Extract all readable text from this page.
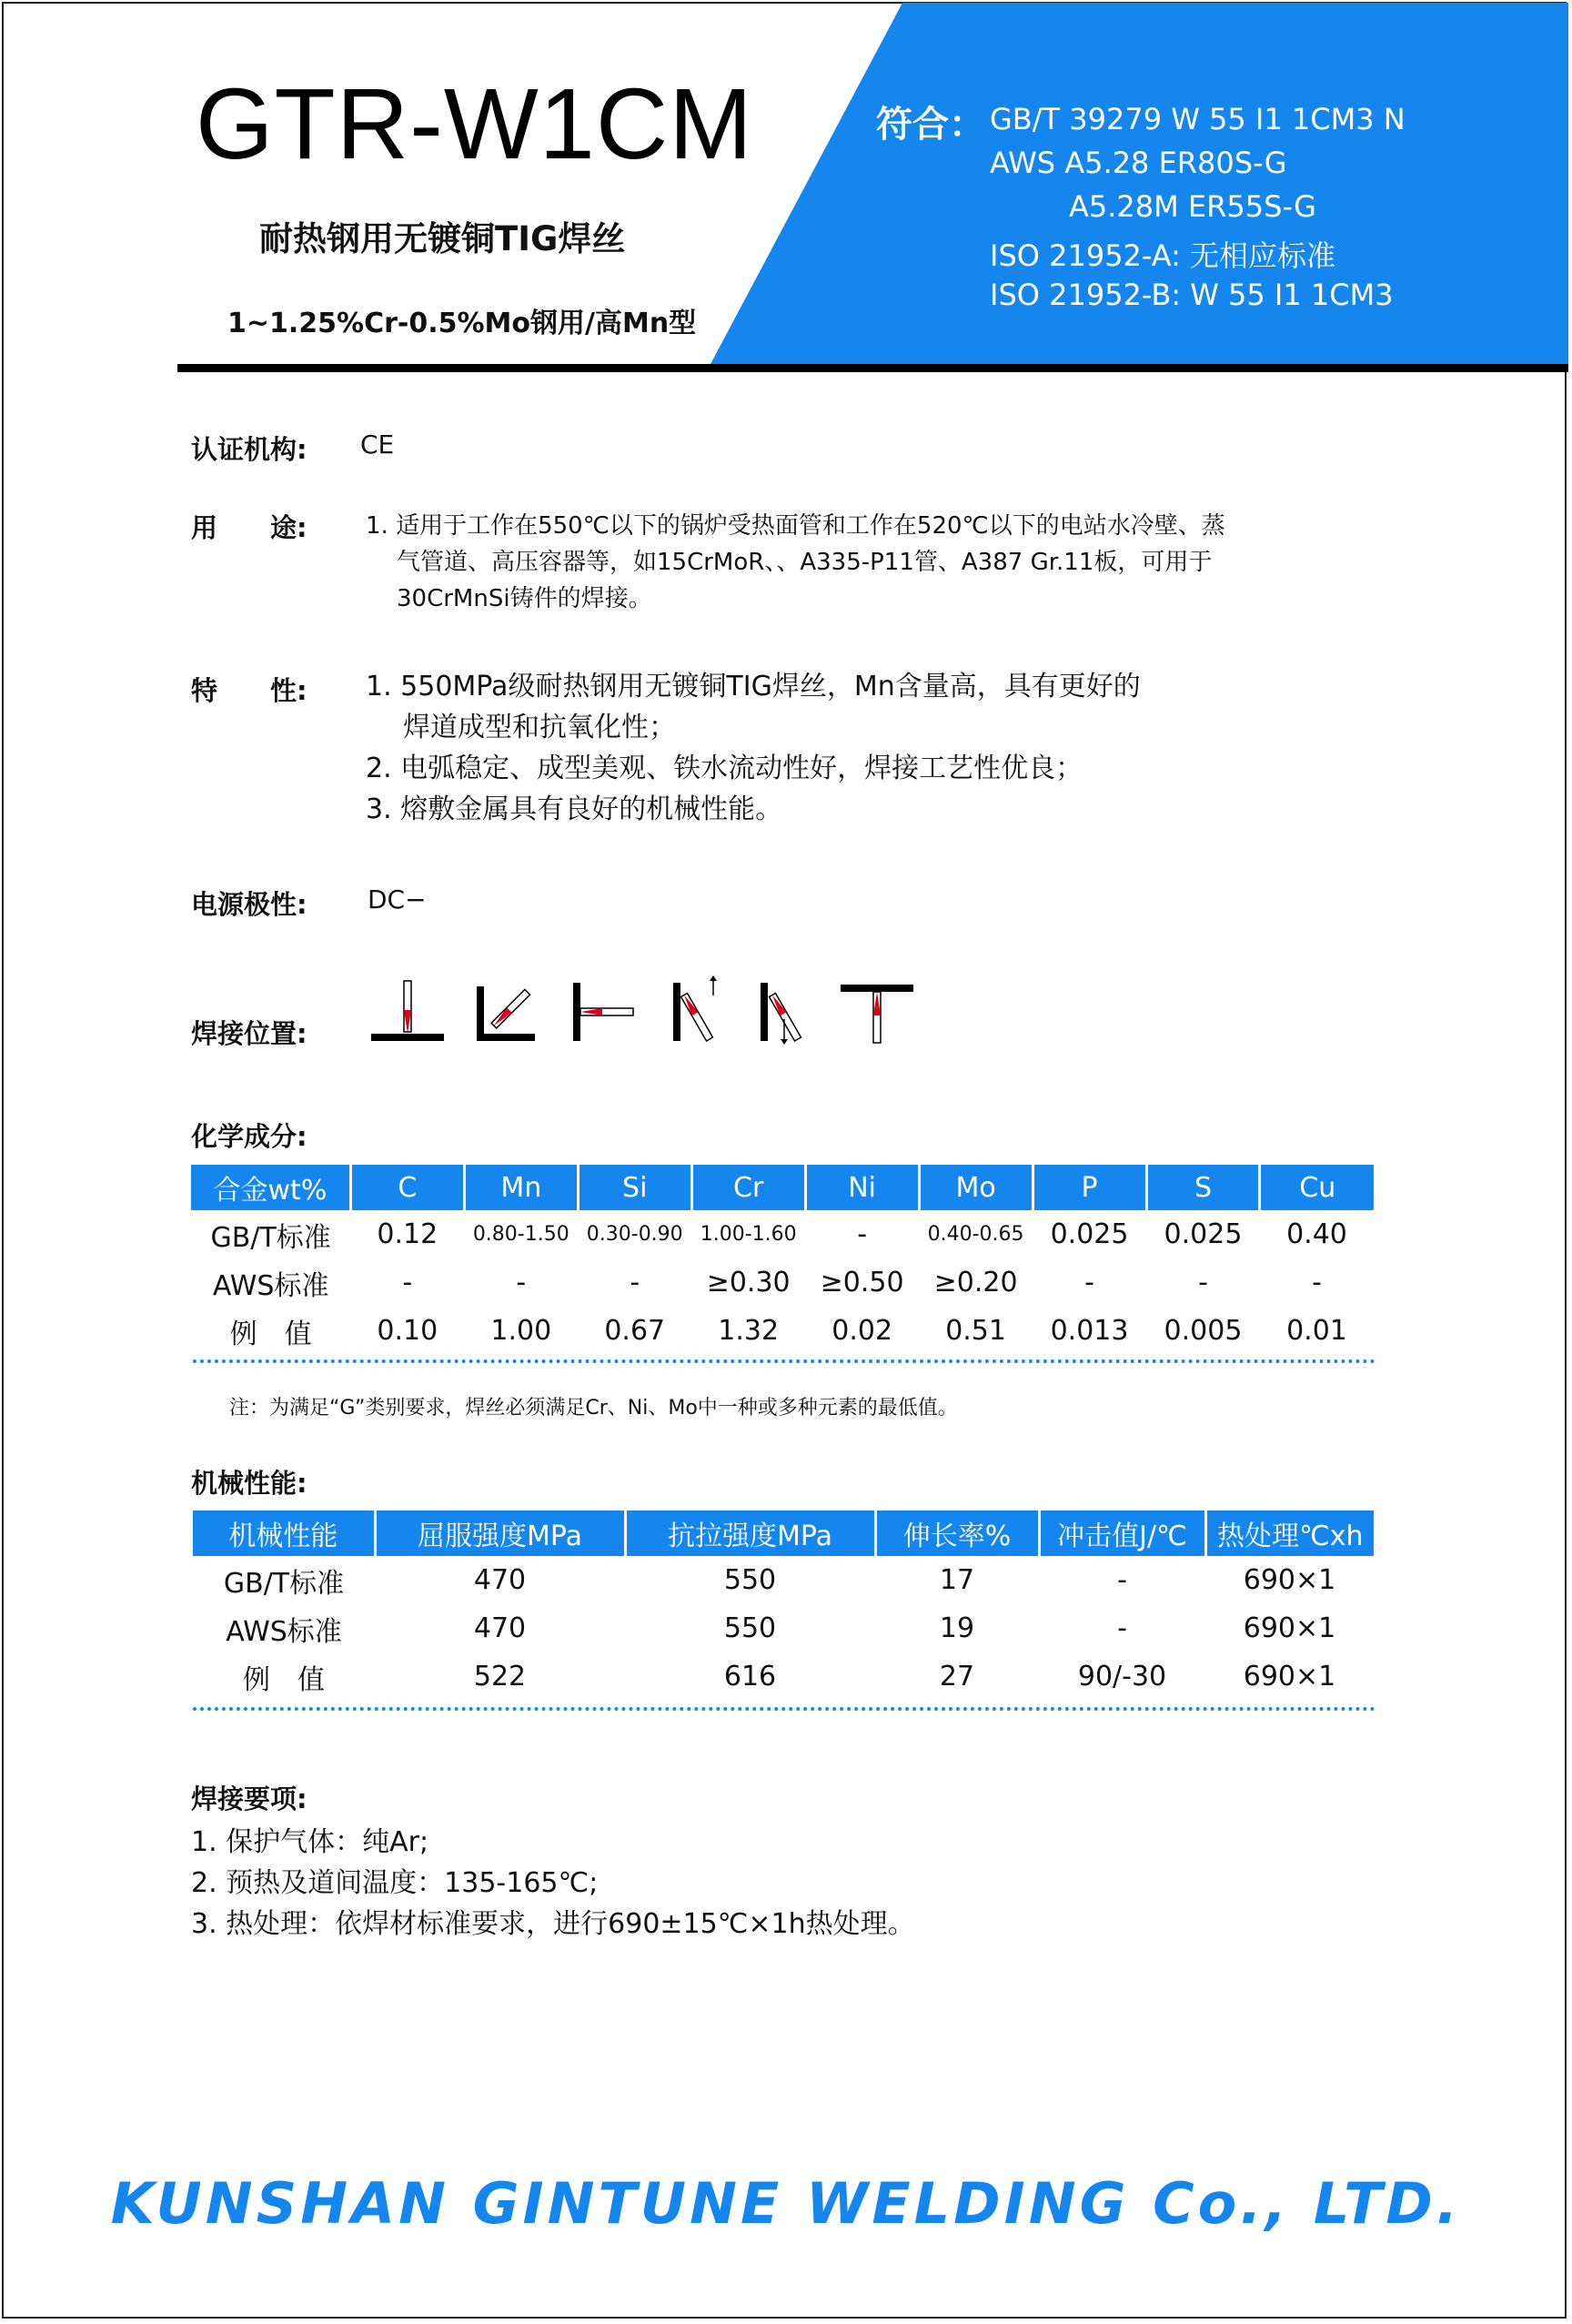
GTR-W1CM
耐热钢用无镀铜TIG焊丝
1~1.25%Cr-0.5%Mo钢用/高Mn型
符合： GB/T 39279 W 55 I1 1CM3 N
AWS A5.28 ER80S-G
A5.28M ER55S-G
ISO 21952-A: 无相应标准
ISO 21952-B: W 55 I1 1CM3
认证机构: CE
用　　途: 1. 适用于工作在550℃以下的锅炉受热面管和工作在520℃以下的电站水冷壁、蒸
气管道、高压容器等，如15CrMoR、、A335-P11管、A387 Gr.11板，可用于
30CrMnSi铸件的焊接。
特　　性: 1. 550MPa级耐热钢用无镀铜TIG焊丝，Mn含量高，具有更好的
焊道成型和抗氧化性；
2. 电弧稳定、成型美观、铁水流动性好，焊接工艺性优良；
3. 熔敷金属具有良好的机械性能。
电源极性: DC−
焊接位置:
化学成分:
合金wt%	C	Mn	Si	Cr	Ni	Mo	P	S	Cu
GB/T标准	0.12	0.80-1.50	0.30-0.90	1.00-1.60	-	0.40-0.65	0.025	0.025	0.40
AWS标准	-	-	-	≥0.30	≥0.50	≥0.20	-	-	-
例　值	0.10	1.00	0.67	1.32	0.02	0.51	0.013	0.005	0.01
注：为满足“G”类别要求，焊丝必须满足Cr、Ni、Mo中一种或多种元素的最低值。
机械性能:
机械性能	屈服强度MPa	抗拉强度MPa	伸长率%	冲击值J/℃	热处理℃xh
GB/T标准	470	550	17	-	690×1
AWS标准	470	550	19	-	690×1
例　值	522	616	27	90/-30	690×1
焊接要项:
1. 保护气体：纯Ar;
2. 预热及道间温度：135-165℃;
3. 热处理：依焊材标准要求，进行690±15℃×1h热处理。
KUNSHAN GINTUNE WELDING Co., LTD.
